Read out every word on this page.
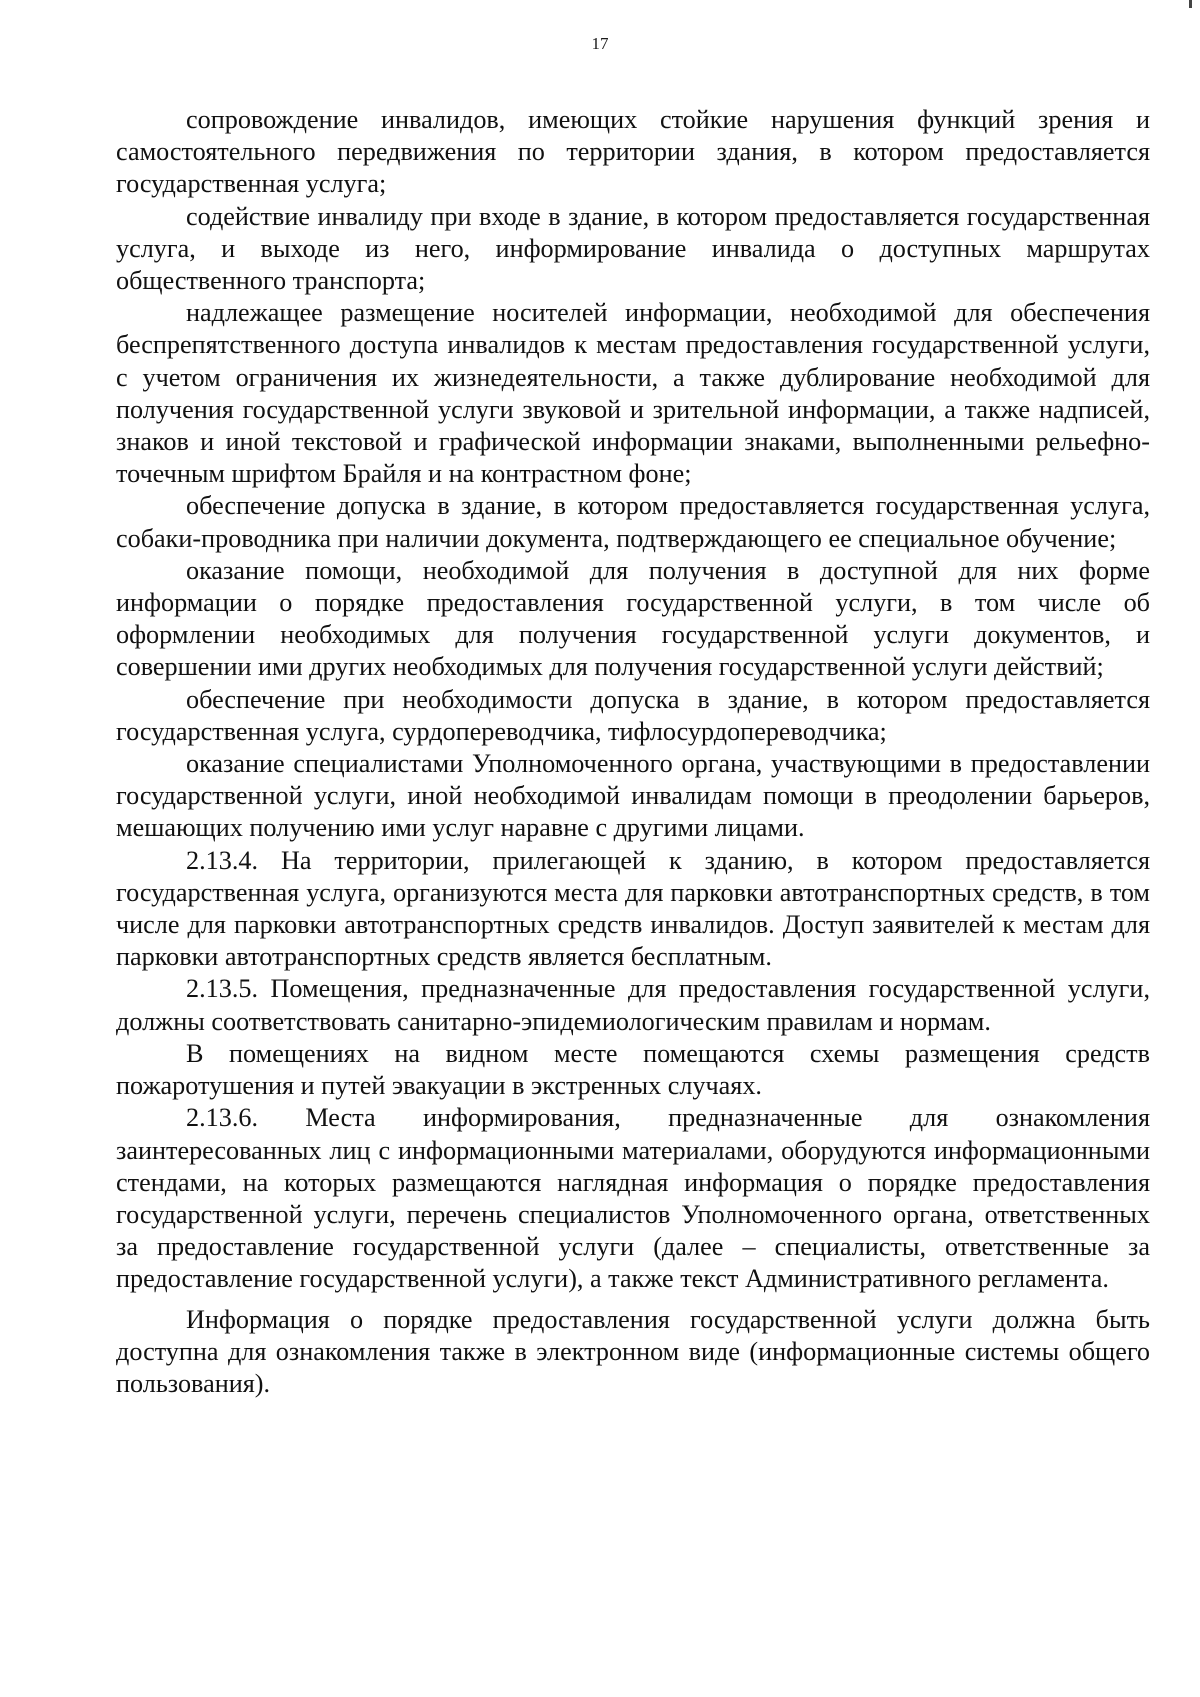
17

сопровождение инвалидов, имеющих стойкие нарушения функций зрения и самостоятельного передвижения по территории здания, в котором предоставляется государственная услуга;

содействие инвалиду при входе в здание, в котором предоставляется государственная услуга, и выходе из него, информирование инвалида о доступных маршрутах общественного транспорта;

надлежащее размещение носителей информации, необходимой для обеспечения беспрепятственного доступа инвалидов к местам предоставления государственной услуги, с учетом ограничения их жизнедеятельности, а также дублирование необходимой для получения государственной услуги звуковой и зрительной информации, а также надписей, знаков и иной текстовой и графической информации знаками, выполненными рельефно-точечным шрифтом Брайля и на контрастном фоне;

обеспечение допуска в здание, в котором предоставляется государственная услуга, собаки-проводника при наличии документа, подтверждающего ее специальное обучение;

оказание помощи, необходимой для получения в доступной для них форме информации о порядке предоставления государственной услуги, в том числе об оформлении необходимых для получения государственной услуги документов, и совершении ими других необходимых для получения государственной услуги действий;

обеспечение при необходимости допуска в здание, в котором предоставляется государственная услуга, сурдопереводчика, тифлосурдопереводчика;

оказание специалистами Уполномоченного органа, участвующими в предоставлении государственной услуги, иной необходимой инвалидам помощи в преодолении барьеров, мешающих получению ими услуг наравне с другими лицами.

2.13.4. На территории, прилегающей к зданию, в котором предоставляется государственная услуга, организуются места для парковки автотранспортных средств, в том числе для парковки автотранспортных средств инвалидов. Доступ заявителей к местам для парковки автотранспортных средств является бесплатным.

2.13.5. Помещения, предназначенные для предоставления государственной услуги, должны соответствовать санитарно-эпидемиологическим правилам и нормам.

В помещениях на видном месте помещаются схемы размещения средств пожаротушения и путей эвакуации в экстренных случаях.

2.13.6. Места информирования, предназначенные для ознакомления заинтересованных лиц с информационными материалами, оборудуются информационными стендами, на которых размещаются наглядная информация о порядке предоставления государственной услуги, перечень специалистов Уполномоченного органа, ответственных за предоставление государственной услуги (далее – специалисты, ответственные за предоставление государственной услуги), а также текст Административного регламента.

Информация о порядке предоставления государственной услуги должна быть доступна для ознакомления также в электронном виде (информационные системы общего пользования).
